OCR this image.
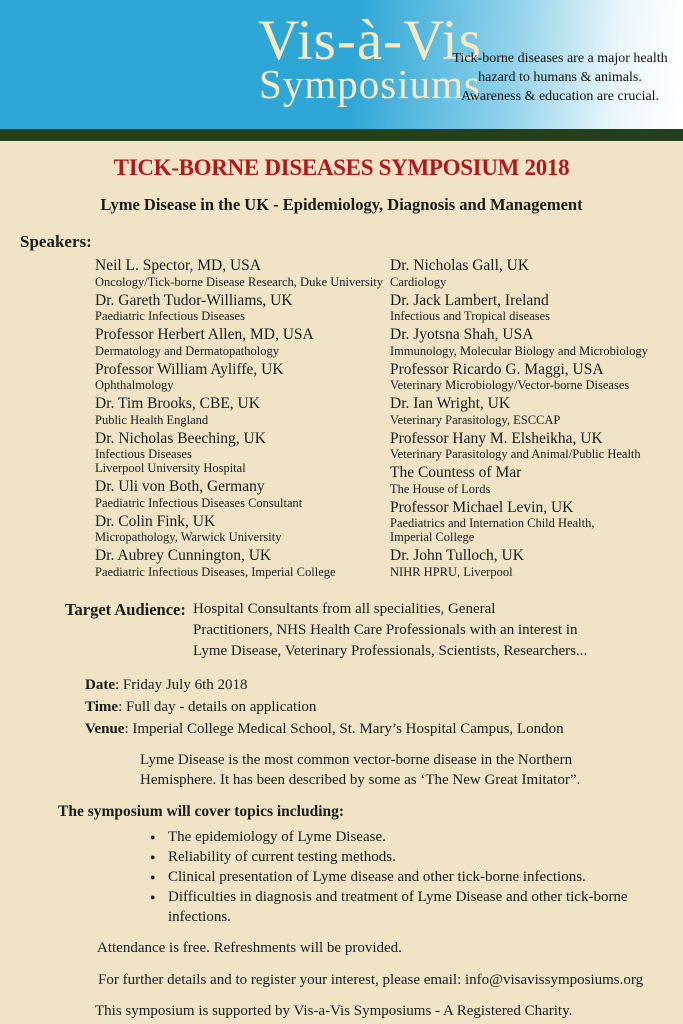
Vis-à-Vis
Symposiums
Tick-borne diseases are a major health
hazard to humans & animals.
Awareness & education are crucial.
TICK-BORNE DISEASES SYMPOSIUM 2018
Lyme Disease in the UK - Epidemiology, Diagnosis and Management
Speakers:
Neil L. Spector, MD, USA
Oncology/Tick-borne Disease Research, Duke University
Dr. Gareth Tudor-Williams, UK
Paediatric Infectious Diseases
Professor Herbert Allen, MD, USA
Dermatology and Dermatopathology
Professor William Ayliffe, UK
Ophthalmology
Dr. Tim Brooks, CBE, UK
Public Health England
Dr. Nicholas Beeching, UK
Infectious Diseases
Liverpool University Hospital
Dr. Uli von Both, Germany
Paediatric Infectious Diseases Consultant
Dr. Colin Fink, UK
Micropathology, Warwick University
Dr. Aubrey Cunnington, UK
Paediatric Infectious Diseases, Imperial College
Dr. Nicholas Gall, UK
Cardiology
Dr. Jack Lambert, Ireland
Infectious and Tropical diseases
Dr. Jyotsna Shah, USA
Immunology, Molecular Biology and Microbiology
Professor Ricardo G. Maggi, USA
Veterinary Microbiology/Vector-borne Diseases
Dr. Ian Wright, UK
Veterinary Parasitology, ESCCAP
Professor Hany M. Elsheikha, UK
Veterinary Parasitology and Animal/Public Health
The Countess of Mar
The House of Lords
Professor Michael Levin, UK
Paediatrics and Internation Child Health,
Imperial College
Dr. John Tulloch, UK
NIHR HPRU, Liverpool
Target Audience: Hospital Consultants from all specialities, General
Practitioners, NHS Health Care Professionals with an interest in
Lyme Disease, Veterinary Professionals, Scientists, Researchers...
Date: Friday July 6th 2018
Time: Full day - details on application
Venue: Imperial College Medical School, St. Mary’s Hospital Campus, London
Lyme Disease is the most common vector-borne disease in the Northern
Hemisphere. It has been described by some as ‘The New Great Imitator”.
The symposium will cover topics including:
● The epidemiology of Lyme Disease.
● Reliability of current testing methods.
● Clinical presentation of Lyme disease and other tick-borne infections.
● Difficulties in diagnosis and treatment of Lyme Disease and other tick-borne infections.
Attendance is free. Refreshments will be provided.
For further details and to register your interest, please email: info@visavissymposiums.org
This symposium is supported by Vis-a-Vis Symposiums - A Registered Charity.
